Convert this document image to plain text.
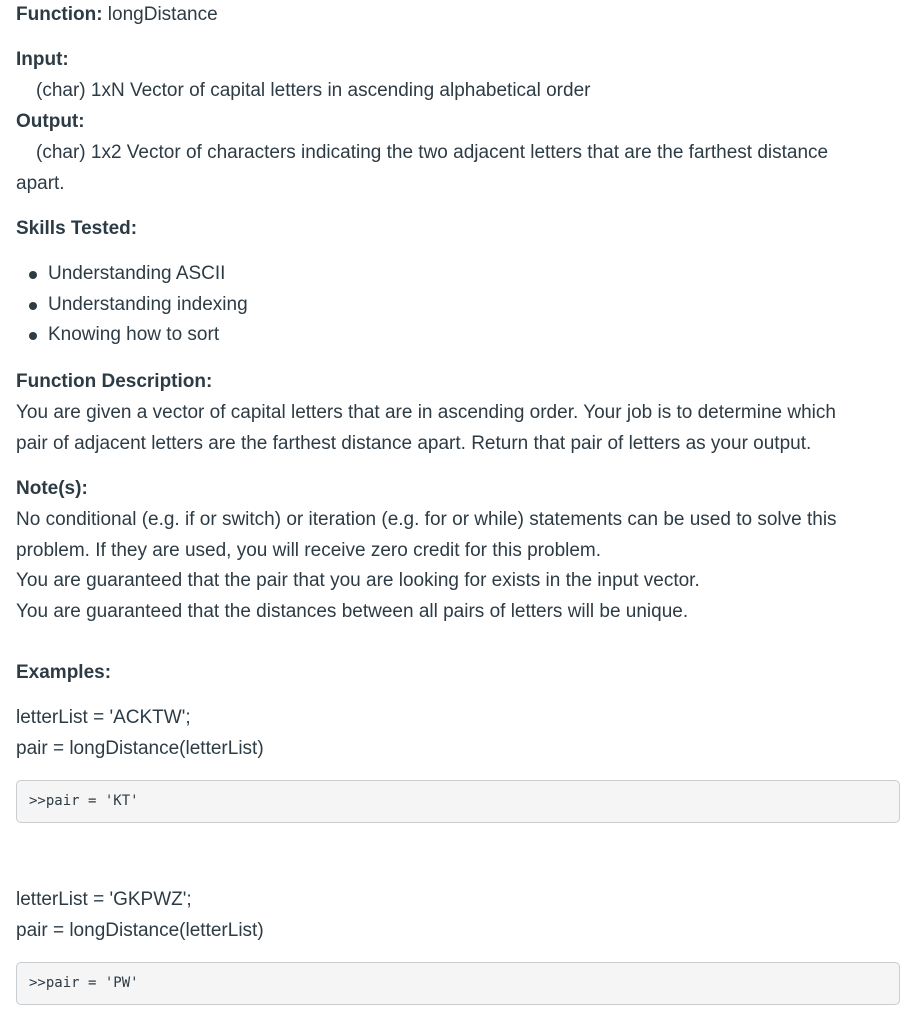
Function: longDistance

Input:

(char) 1xN Vector of capital letters in ascending alphabetical order

Output:

(char) 1x2 Vector of characters indicating the two adjacent letters that are the farthest distance
apart.

Skills Tested:

Understanding ASCII
Understanding indexing
Knowing how to sort

Function Description:

You are given a vector of capital letters that are in ascending order. Your job is to determine which
pair of adjacent letters are the farthest distance apart. Return that pair of letters as your output.

Note(s):

No conditional (e.g. if or switch) or iteration (e.g. for or while) statements can be used to solve this
problem. If they are used, you will receive zero credit for this problem.
You are guaranteed that the pair that you are looking for exists in the input vector.
You are guaranteed that the distances between all pairs of letters will be unique.

Examples:

letterList = 'ACKTW';
pair = longDistance(letterList)

>>pair = 'KT'

letterList = 'GKPWZ';
pair = longDistance(letterList)

>>pair = 'PW'
